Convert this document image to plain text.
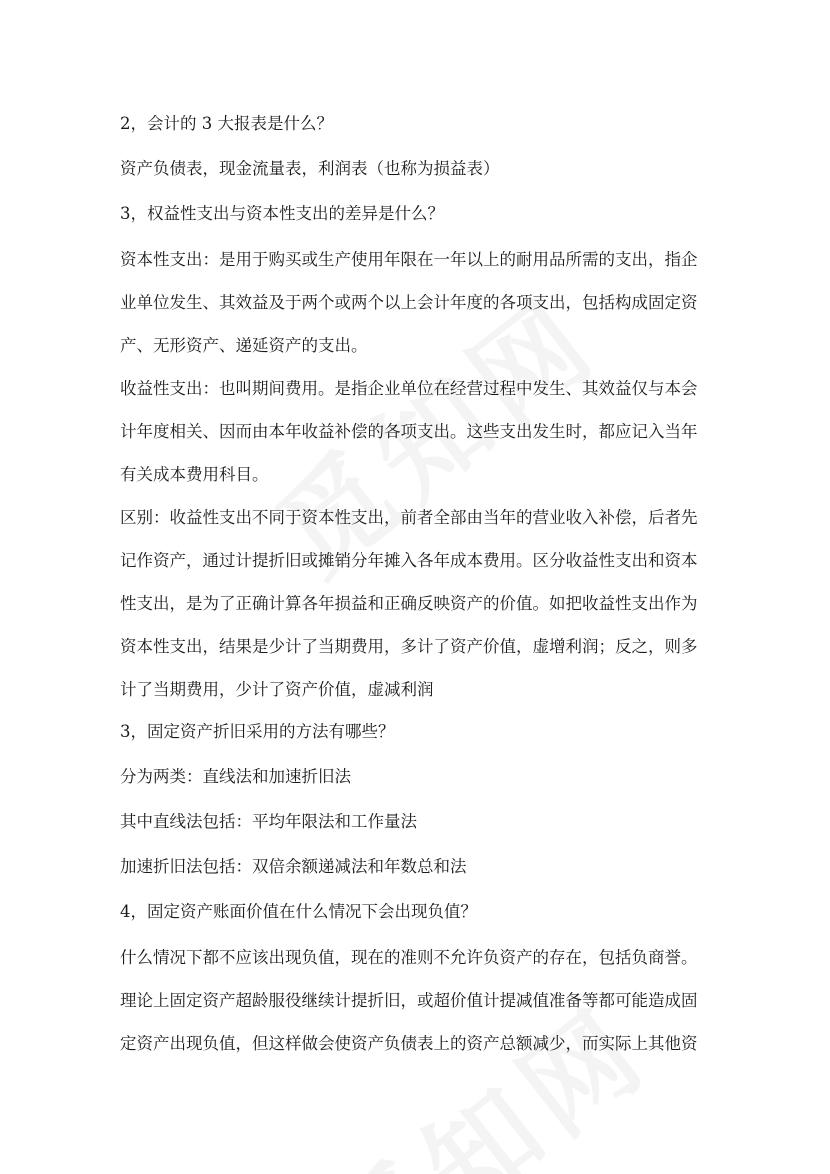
2，会计的 3 大报表是什么？
资产负债表，现金流量表，利润表（也称为损益表）
3，权益性支出与资本性支出的差异是什么？
资本性支出：是用于购买或生产使用年限在一年以上的耐用品所需的支出，指企
业单位发生、其效益及于两个或两个以上会计年度的各项支出，包括构成固定资
产、无形资产、递延资产的支出。
收益性支出：也叫期间费用。是指企业单位在经营过程中发生、其效益仅与本会
计年度相关、因而由本年收益补偿的各项支出。这些支出发生时，都应记入当年
有关成本费用科目。
区别：收益性支出不同于资本性支出，前者全部由当年的营业收入补偿，后者先
记作资产，通过计提折旧或摊销分年摊入各年成本费用。区分收益性支出和资本
性支出，是为了正确计算各年损益和正确反映资产的价值。如把收益性支出作为
资本性支出，结果是少计了当期费用，多计了资产价值，虚增利润；反之，则多
计了当期费用，少计了资产价值，虚减利润
3，固定资产折旧采用的方法有哪些？
分为两类：直线法和加速折旧法
其中直线法包括：平均年限法和工作量法
加速折旧法包括：双倍余额递减法和年数总和法
4，固定资产账面价值在什么情况下会出现负值？
什么情况下都不应该出现负值，现在的准则不允许负资产的存在，包括负商誉。
理论上固定资产超龄服役继续计提折旧，或超价值计提减值准备等都可能造成固
定资产出现负值，但这样做会使资产负债表上的资产总额减少，而实际上其他资
